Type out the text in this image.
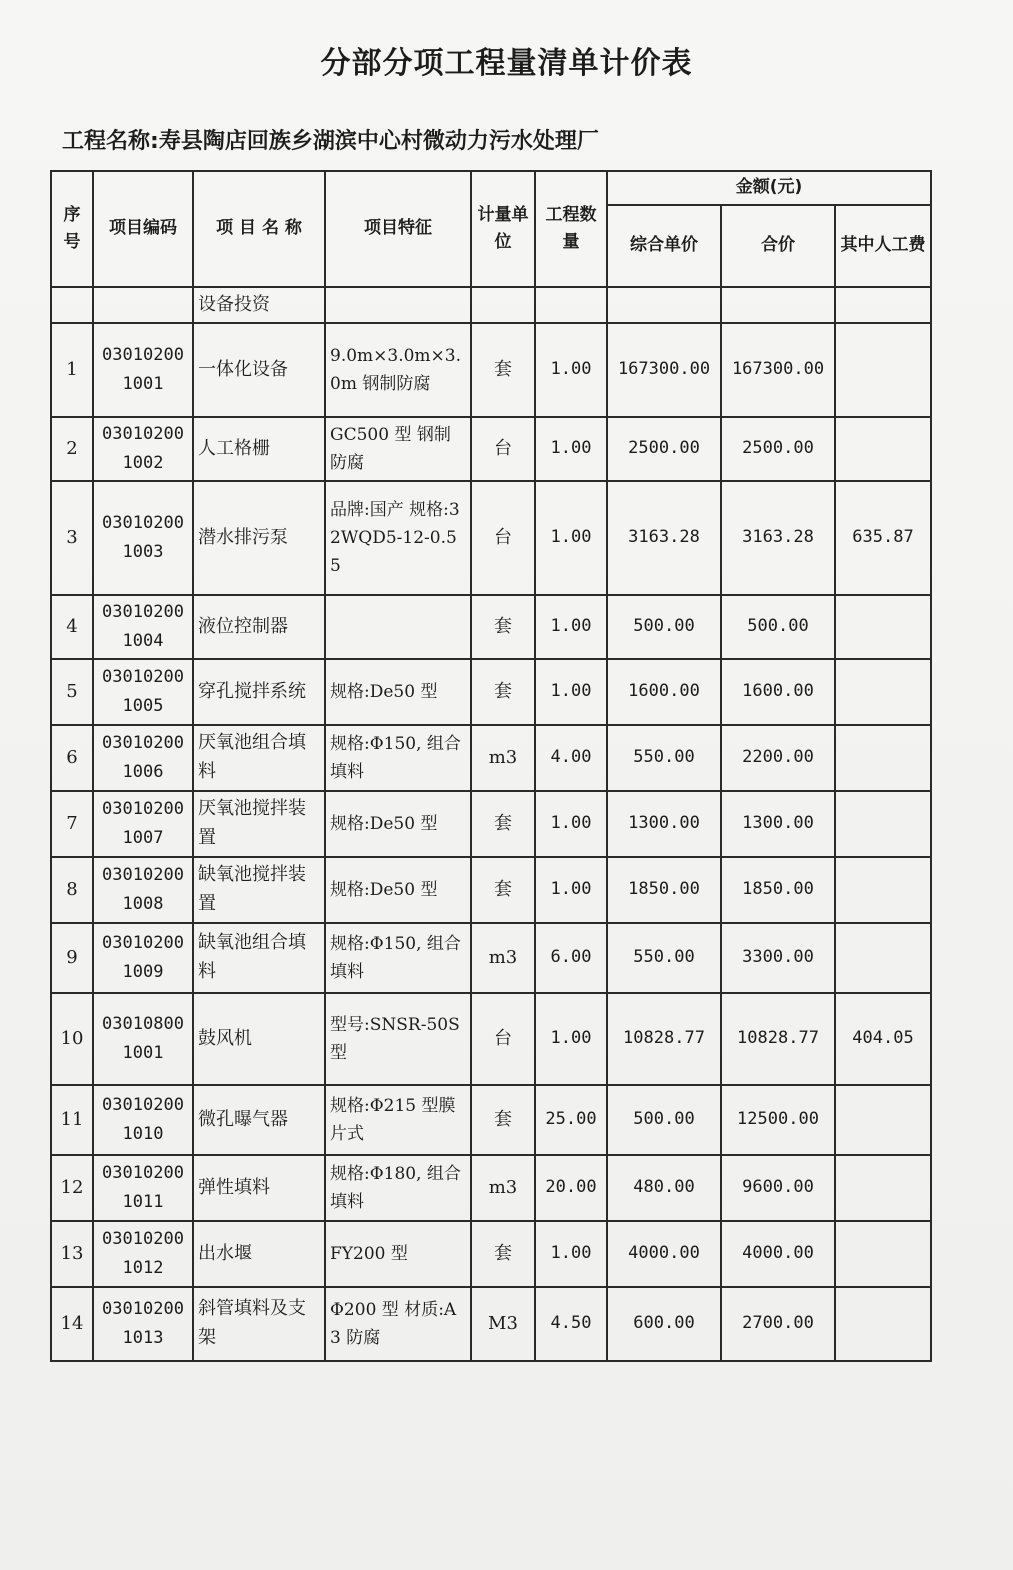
分部分项工程量清单计价表
工程名称:寿县陶店回族乡湖滨中心村微动力污水处理厂
序号	项目编码	项 目 名 称	项目特征	计量单位	工程数量	金额(元)		
						综合单价	合价	其中人工费
		设备投资						
1	030102001001	一体化设备	9.0m×3.0m×3.0m 钢制防腐	套	1.00	167300.00	167300.00	
2	030102001002	人工格栅	GC500 型 钢制防腐	台	1.00	2500.00	2500.00	
3	030102001003	潜水排污泵	品牌:国产 规格:32WQD5-12-0.55	台	1.00	3163.28	3163.28	635.87
4	030102001004	液位控制器		套	1.00	500.00	500.00	
5	030102001005	穿孔搅拌系统	规格:De50 型	套	1.00	1600.00	1600.00	
6	030102001006	厌氧池组合填料	规格:Φ150, 组合填料	m3	4.00	550.00	2200.00	
7	030102001007	厌氧池搅拌装置	规格:De50 型	套	1.00	1300.00	1300.00	
8	030102001008	缺氧池搅拌装置	规格:De50 型	套	1.00	1850.00	1850.00	
9	030102001009	缺氧池组合填料	规格:Φ150, 组合填料	m3	6.00	550.00	3300.00	
10	030108001001	鼓风机	型号:SNSR-50S 型	台	1.00	10828.77	10828.77	404.05
11	030102001010	微孔曝气器	规格:Φ215 型膜片式	套	25.00	500.00	12500.00	
12	030102001011	弹性填料	规格:Φ180, 组合填料	m3	20.00	480.00	9600.00	
13	030102001012	出水堰	FY200 型	套	1.00	4000.00	4000.00	
14	030102001013	斜管填料及支架	Φ200 型 材质:A3 防腐	M3	4.50	600.00	2700.00	
